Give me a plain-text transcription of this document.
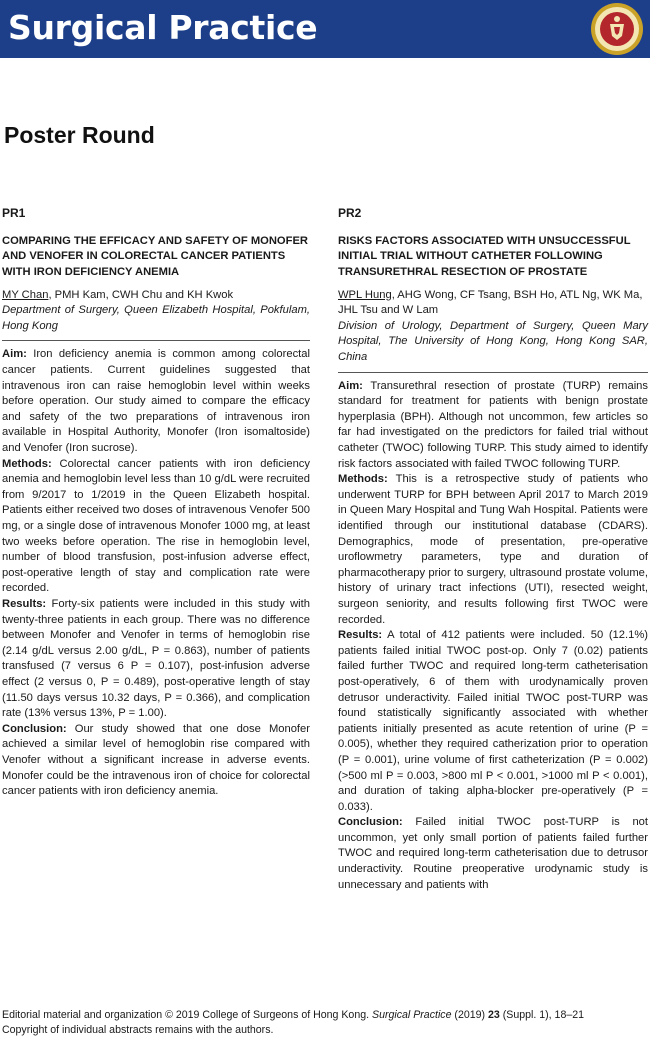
Surgical Practice
Poster Round
PR1
COMPARING THE EFFICACY AND SAFETY OF MONOFER AND VENOFER IN COLORECTAL CANCER PATIENTS WITH IRON DEFICIENCY ANEMIA
MY Chan, PMH Kam, CWH Chu and KH Kwok
Department of Surgery, Queen Elizabeth Hospital, Pokfulam, Hong Kong

Aim: Iron deficiency anemia is common among colorectal cancer patients. Current guidelines suggested that intravenous iron can raise hemoglobin level within weeks before operation. Our study aimed to compare the efficacy and safety of the two preparations of intravenous iron available in Hospital Authority, Monofer (Iron isomaltoside) and Venofer (Iron sucrose).

Methods: Colorectal cancer patients with iron deficiency anemia and hemoglobin level less than 10 g/dL were recruited from 9/2017 to 1/2019 in the Queen Elizabeth hospital. Patients either received two doses of intravenous Venofer 500 mg, or a single dose of intravenous Monofer 1000 mg, at least two weeks before operation. The rise in hemoglobin level, number of blood transfusion, post-infusion adverse effect, post-operative length of stay and complication rate were recorded.

Results: Forty-six patients were included in this study with twenty-three patients in each group. There was no difference between Monofer and Venofer in terms of hemoglobin rise (2.14 g/dL versus 2.00 g/dL, P = 0.863), number of patients transfused (7 versus 6 P = 0.107), post-infusion adverse effect (2 versus 0, P = 0.489), post-operative length of stay (11.50 days versus 10.32 days, P = 0.366), and complication rate (13% versus 13%, P = 1.00).

Conclusion: Our study showed that one dose Monofer achieved a similar level of hemoglobin rise compared with Venofer without a significant increase in adverse events. Monofer could be the intravenous iron of choice for colorectal cancer patients with iron deficiency anemia.

PR2
RISKS FACTORS ASSOCIATED WITH UNSUCCESSFUL INITIAL TRIAL WITHOUT CATHETER FOLLOWING TRANSURETHRAL RESECTION OF PROSTATE
WPL Hung, AHG Wong, CF Tsang, BSH Ho, ATL Ng, WK Ma, JHL Tsu and W Lam
Division of Urology, Department of Surgery, Queen Mary Hospital, The University of Hong Kong, Hong Kong SAR, China

Aim: Transurethral resection of prostate (TURP) remains standard for treatment for patients with benign prostate hyperplasia (BPH). Although not uncommon, few articles so far had investigated on the predictors for failed trial without catheter (TWOC) following TURP. This study aimed to identify risk factors associated with failed TWOC following TURP.

Methods: This is a retrospective study of patients who underwent TURP for BPH between April 2017 to March 2019 in Queen Mary Hospital and Tung Wah Hospital. Patients were identified through our institutional database (CDARS). Demographics, mode of presentation, pre-operative uroflowmetry parameters, type and duration of pharmacotherapy prior to surgery, ultrasound prostate volume, history of urinary tract infections (UTI), resected weight, surgeon seniority, and results following first TWOC were recorded.

Results: A total of 412 patients were included. 50 (12.1%) patients failed initial TWOC post-op. Only 7 (0.02) patients failed further TWOC and required long-term catheterisation post-operatively, 6 of them with urodynamically proven detrusor underactivity. Failed initial TWOC post-TURP was found statistically significantly associated with whether patients initially presented as acute retention of urine (P = 0.005), whether they required catherization prior to operation (P = 0.001), urine volume of first catheterization (P = 0.002) (>500 ml P = 0.003, >800 ml P < 0.001, >1000 ml P < 0.001), and duration of taking alpha-blocker pre-operatively (P = 0.033).

Conclusion: Failed initial TWOC post-TURP is not uncommon, yet only small portion of patients failed further TWOC and required long-term catheterisation due to detrusor underactivity. Routine preoperative urodynamic study is unnecessary and patients with

Editorial material and organization © 2019 College of Surgeons of Hong Kong. Surgical Practice (2019) 23 (Suppl. 1), 18–21
Copyright of individual abstracts remains with the authors.
